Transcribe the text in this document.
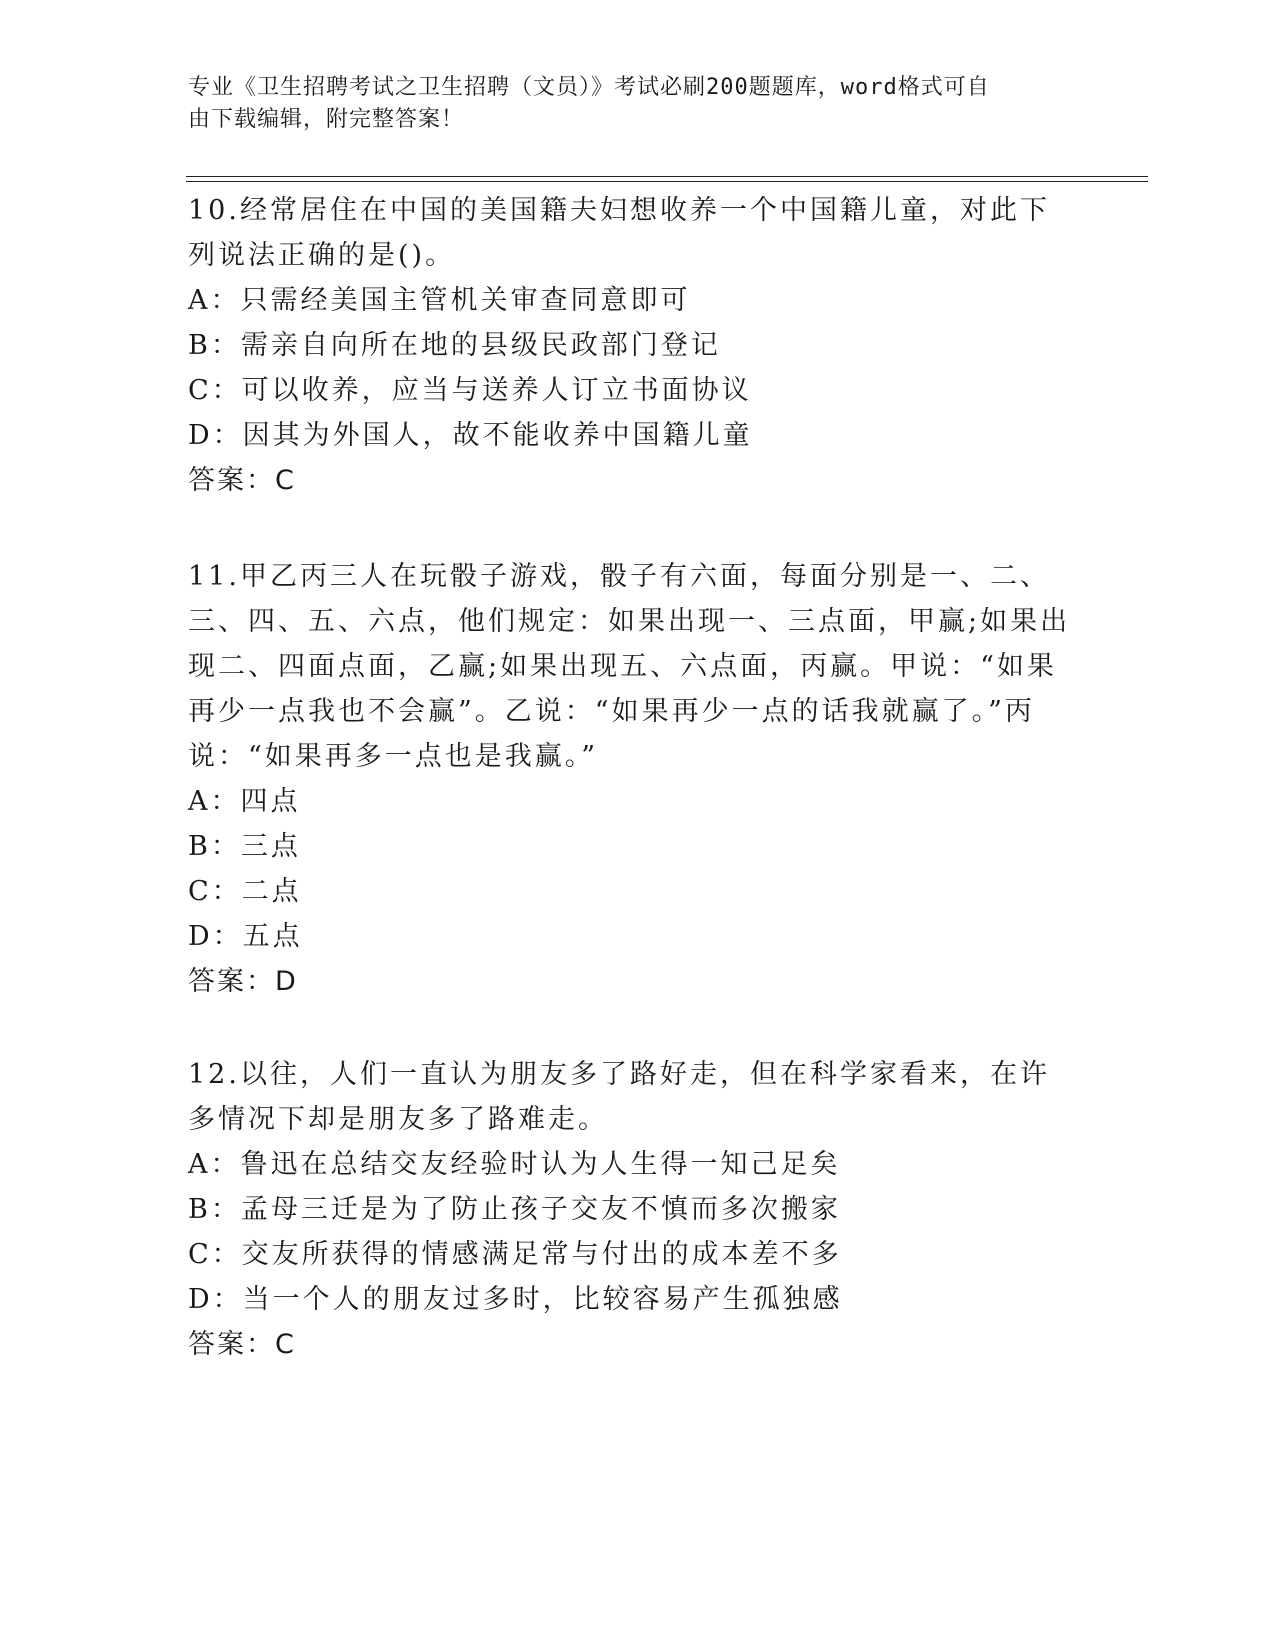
专业《卫生招聘考试之卫生招聘（文员）》考试必刷200题题库，word格式可自
由下载编辑，附完整答案！

10.经常居住在中国的美国籍夫妇想收养一个中国籍儿童，对此下列说法正确的是()。

A：只需经美国主管机关审查同意即可

B：需亲自向所在地的县级民政部门登记

C：可以收养，应当与送养人订立书面协议

D：因其为外国人，故不能收养中国籍儿童

答案：C

11.甲乙丙三人在玩骰子游戏，骰子有六面，每面分别是一、二、三、四、五、六点，他们规定：如果出现一、三点面，甲赢;如果出现二、四面点面，乙赢;如果出现五、六点面，丙赢。甲说：“如果再少一点我也不会赢”。乙说：“如果再少一点的话我就赢了。”丙说：“如果再多一点也是我赢。”

A：四点

B：三点

C：二点

D：五点

答案：D

12.以往，人们一直认为朋友多了路好走，但在科学家看来，在许多情况下却是朋友多了路难走。

A：鲁迅在总结交友经验时认为人生得一知己足矣

B：孟母三迁是为了防止孩子交友不慎而多次搬家

C：交友所获得的情感满足常与付出的成本差不多

D：当一个人的朋友过多时，比较容易产生孤独感

答案：C
